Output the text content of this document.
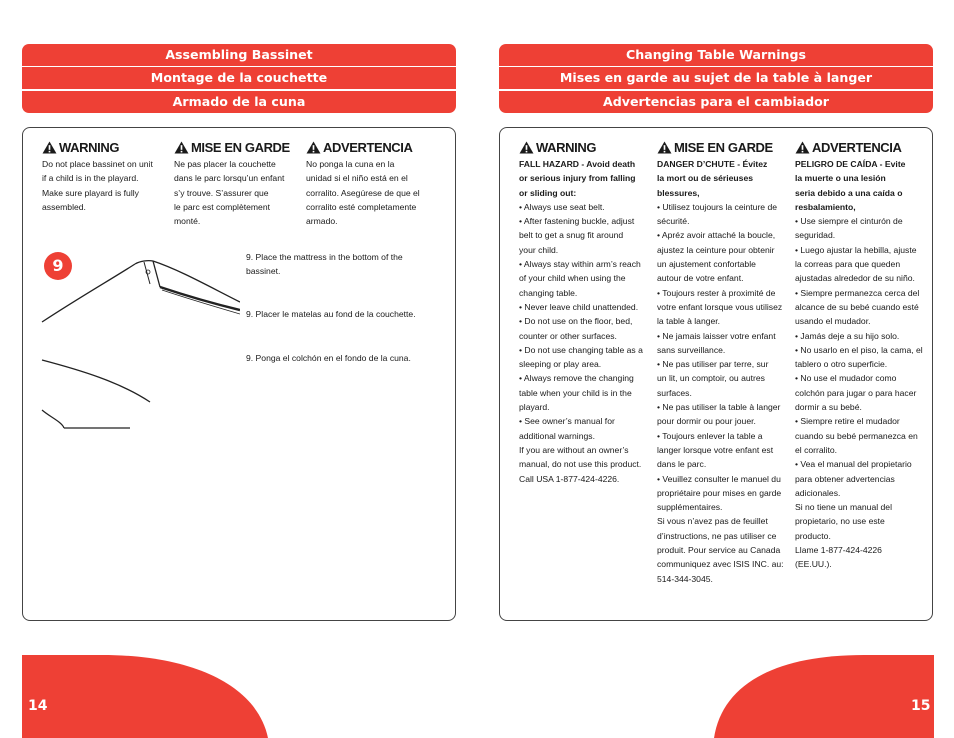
Assembling Bassinet
Montage de la couchette
Armado de la cuna
Changing Table Warnings
Mises en garde au sujet de la table à langer
Advertencias para el cambiador
WARNING

Do not place bassinet on unit

if a child is in the playard.

Make sure playard is fully

assembled.

MISE EN GARDE

Ne pas placer la couchette

dans le parc lorsqu’un enfant

s’y trouve. S’assurer que

le parc est complètement

monté.

ADVERTENCIA

No ponga la cuna en la

unidad si el niño está en el

corralito. Asegúrese de que el

corralito esté completamente

armado.

9	9. Place the mattress in the bottom of the

bassinet.

9. Placer le matelas au fond de la couchette.

9. Ponga el colchón en el fondo de la cuna.

WARNING

FALL HAZARD - Avoid death

or serious injury from falling

or sliding out:

• Always use seat belt.

• After fastening buckle, adjust

belt to get a snug fit around

your child.

• Always stay within arm’s reach

of your child when using the

changing table.

• Never leave child unattended.

• Do not use on the floor, bed,

counter or other surfaces.

• Do not use changing table as a

sleeping or play area.

• Always remove the changing

table when your child is in the

playard.

• See owner’s manual for

additional warnings.

If you are without an owner’s

manual, do not use this product.

Call USA 1-877-424-4226.

MISE EN GARDE

DANGER D’CHUTE - Évitez

la mort ou de sérieuses

blessures,

• Utilisez toujours la ceinture de

sécurité.

• Apréz avoir attaché la boucle,

ajustez la ceinture pour obtenir

un ajustement confortable

autour de votre enfant.

• Toujours rester à proximité de

votre enfant lorsque vous utilisez

la table à langer.

• Ne jamais laisser votre enfant

sans surveillance.

• Ne pas utiliser par terre, sur

un lit, un comptoir, ou autres

surfaces.

• Ne pas utiliser la table à langer

pour dormir ou pour jouer.

• Toujours enlever la table a

langer lorsque votre enfant est

dans le parc.

• Veuillez consulter le manuel du

propriétaire pour mises en garde

supplémentaires.

Si vous n’avez pas de feuillet

d’instructions, ne pas utiliser ce

produit. Pour service au Canada

communiquez avec ISIS INC. au:

514-344-3045.

ADVERTENCIA

PELIGRO DE CAÍDA - Evite

la muerte o una lesión

seria debido a una caída o

resbalamiento,

• Use siempre el cinturón de

seguridad.

• Luego ajustar la hebilla, ajuste

la correas para que queden

ajustadas alrededor de su niño.

• Siempre permanezca cerca del

alcance de su bebé cuando esté

usando el mudador.

• Jamás deje a su hijo solo.

• No usarlo en el piso, la cama, el

tablero o otro superficie.

• No use el mudador como

colchón para jugar o para hacer

dormir a su bebé.

• Siempre retire el mudador

cuando su bebé permanezca en

el corralito.

• Vea el manual del propietario

para obtener advertencias

adicionales.

Si no tiene un manual del

propietario, no use este

producto.

Llame 1-877-424-4226

(EE.UU.).

14	15
